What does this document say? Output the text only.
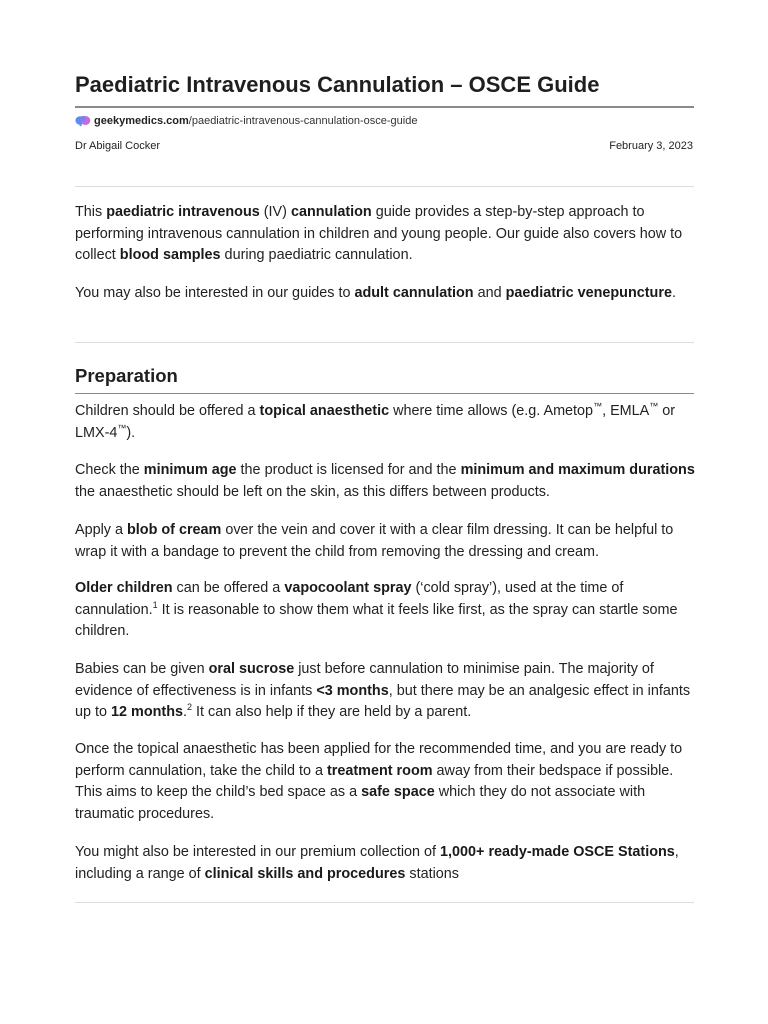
Paediatric Intravenous Cannulation – OSCE Guide
geekymedics.com /paediatric-intravenous-cannulation-osce-guide
Dr Abigail Cocker	February 3, 2023

This paediatric intravenous (IV) cannulation guide provides a step-by-step approach to performing intravenous cannulation in children and young people. Our guide also covers how to collect blood samples during paediatric cannulation.

You may also be interested in our guides to adult cannulation and paediatric venepuncture.

Preparation

Children should be offered a topical anaesthetic where time allows (e.g. Ametop™, EMLA™ or LMX-4™).

Check the minimum age the product is licensed for and the minimum and maximum durations the anaesthetic should be left on the skin, as this differs between products.

Apply a blob of cream over the vein and cover it with a clear film dressing. It can be helpful to wrap it with a bandage to prevent the child from removing the dressing and cream.

Older children can be offered a vapocoolant spray (‘cold spray’), used at the time of cannulation.$^1$ It is reasonable to show them what it feels like first, as the spray can startle some children.

Babies can be given oral sucrose just before cannulation to minimise pain. The majority of evidence of effectiveness is in infants <3 months, but there may be an analgesic effect in infants up to 12 months.$^2$ It can also help if they are held by a parent.

Once the topical anaesthetic has been applied for the recommended time, and you are ready to perform cannulation, take the child to a treatment room away from their bedspace if possible. This aims to keep the child’s bed space as a safe space which they do not associate with traumatic procedures.

You might also be interested in our premium collection of 1,000+ ready-made OSCE Stations, including a range of clinical skills and procedures stations
